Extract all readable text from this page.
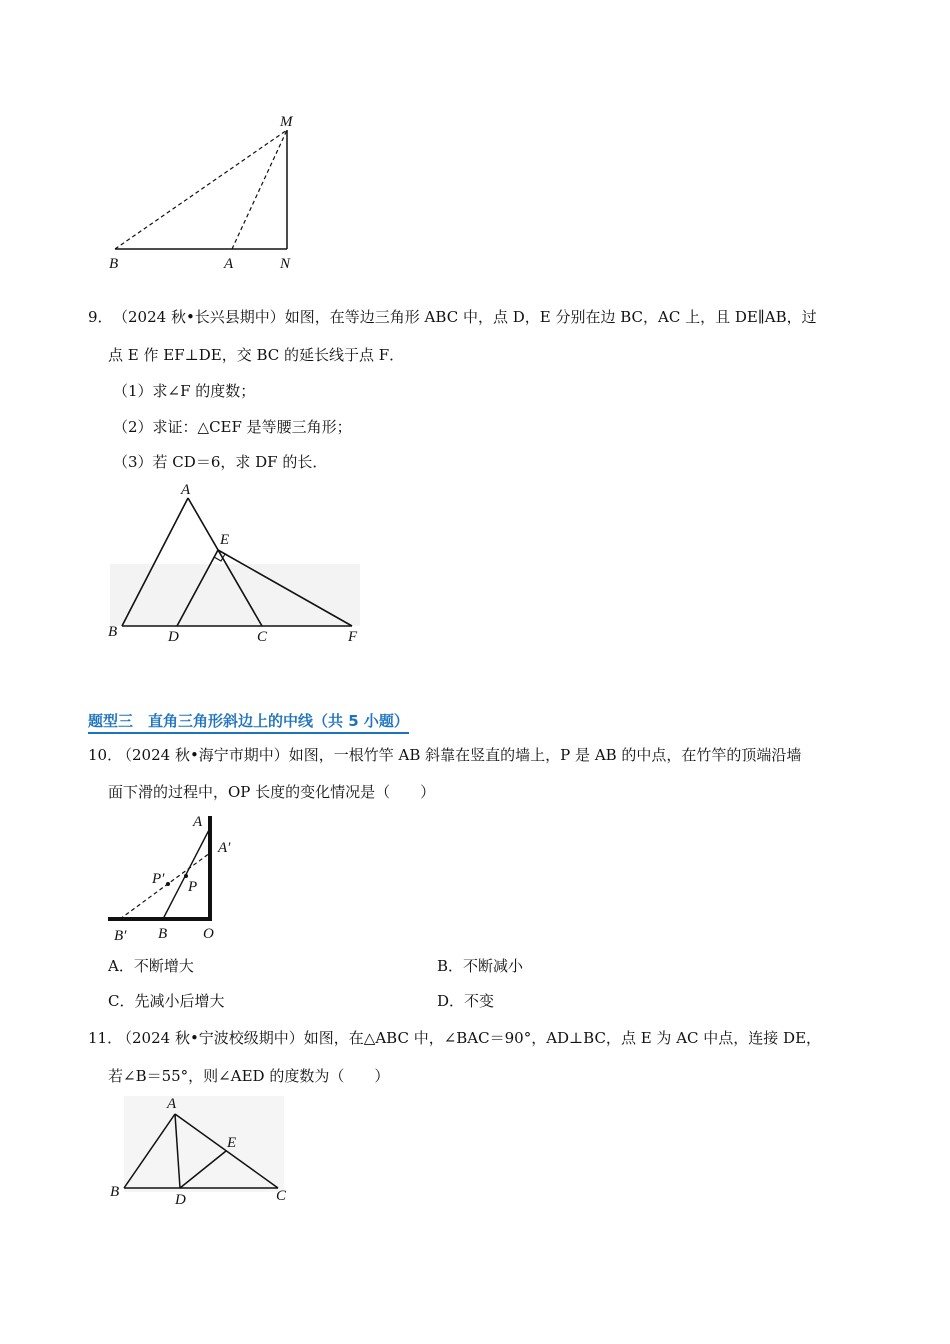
M
B	A	N
9． （2024 秋•长兴县期中）如图，在等边三角形 ABC 中，点 D，E 分别在边 BC，AC 上，且 DE∥AB，过
点 E 作 EF⊥DE，交 BC 的延长线于点 F．
（1）求∠F 的度数；
（2）求证：△CEF 是等腰三角形；
（3）若 CD＝6，求 DF 的长．
A
E
B	D	C	F
题型三　直角三角形斜边上的中线（共 5 小题）
10．
（2024 秋•海宁市期中）如图，一根竹竿 AB 斜靠在竖直的墙上，P 是 AB 的中点，在竹竿的顶端沿墙
面下滑的过程中，OP 长度的变化情况是（　　）
A
A′
P′ P
B′ B O
A．不断增大	B．不断减小
C．先减小后增大	D．不变
11．
（2024 秋•宁波校级期中）如图，在△ABC 中，∠BAC＝90°，AD⊥BC，点 E 为 AC 中点，连接 DE，
若∠B＝55°，则∠AED 的度数为（　　）
A
E
B	D	C
